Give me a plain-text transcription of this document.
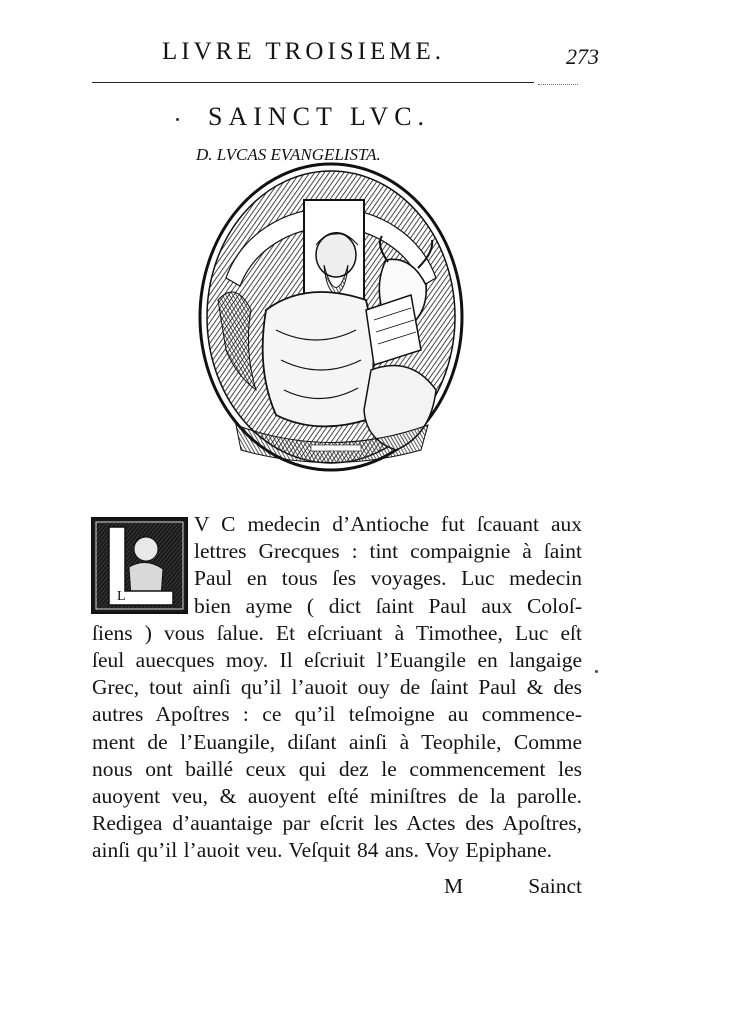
LIVRE TROISIEME.	273
SAINCT LVC.
D. LVCAS EVANGELISTA.
L
V C medecin d’Antioche fut ſcauant aux
lettres Grecques : tint compaignie à ſaint
Paul en tous ſes voyages. Luc medecin
bien ayme ( dict ſaint Paul aux Coloſ-
ſiens ) vous ſalue. Et eſcriuant à Timothee, Luc eſt
ſeul auecques moy. Il eſcriuit l’Euangile en langaige
Grec, tout ainſi qu’il l’auoit ouy de ſaint Paul & des
autres Apoſtres : ce qu’il teſmoigne au commence-
ment de l’Euangile, diſant ainſi à Teophile, Comme
nous ont baillé ceux qui dez le commencement les
auoyent veu, & auoyent eſté miniſtres de la parolle.
Redigea d’auantaige par eſcrit les Actes des Apoſtres,
ainſi qu’il l’auoit veu. Veſquit 84 ans. Voy Epiphane.
M	Sainct
